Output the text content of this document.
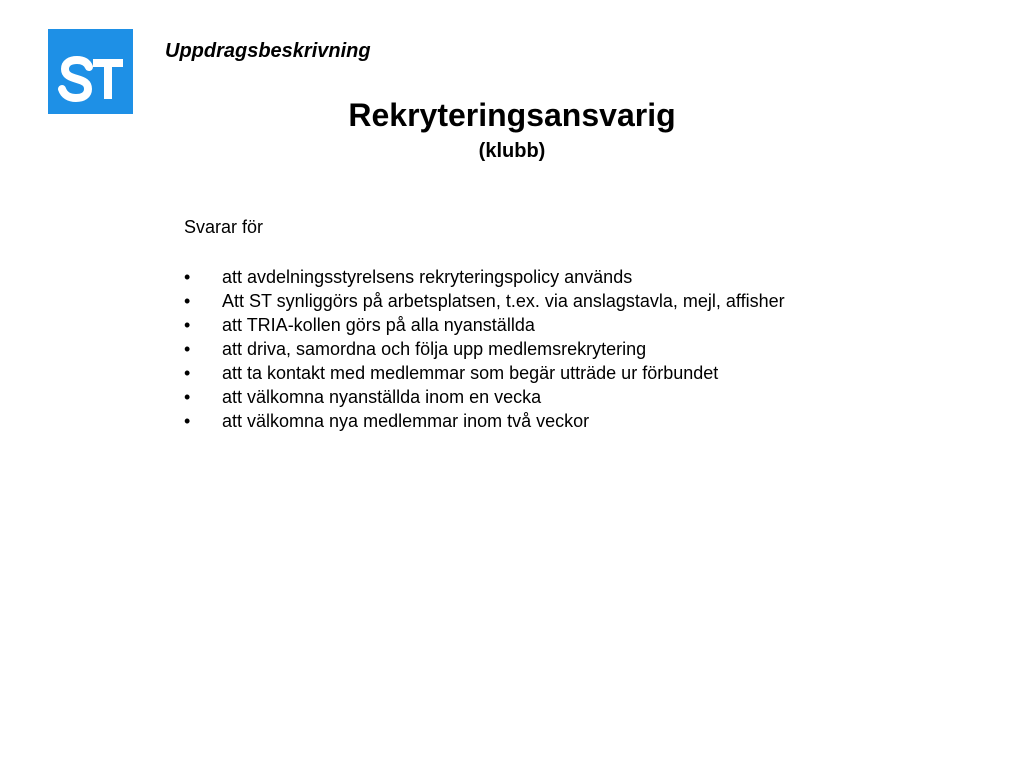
Uppdragsbeskrivning
Rekryteringsansvarig
(klubb)
Svarar för
• att avdelningsstyrelsens rekryteringspolicy används
• Att ST synliggörs på arbetsplatsen, t.ex. via anslagstavla, mejl, affisher
• att TRIA-kollen görs på alla nyanställda
• att driva, samordna och följa upp medlemsrekrytering
• att ta kontakt med medlemmar som begär utträde ur förbundet
• att välkomna nyanställda inom en vecka
• att välkomna nya medlemmar inom två veckor
